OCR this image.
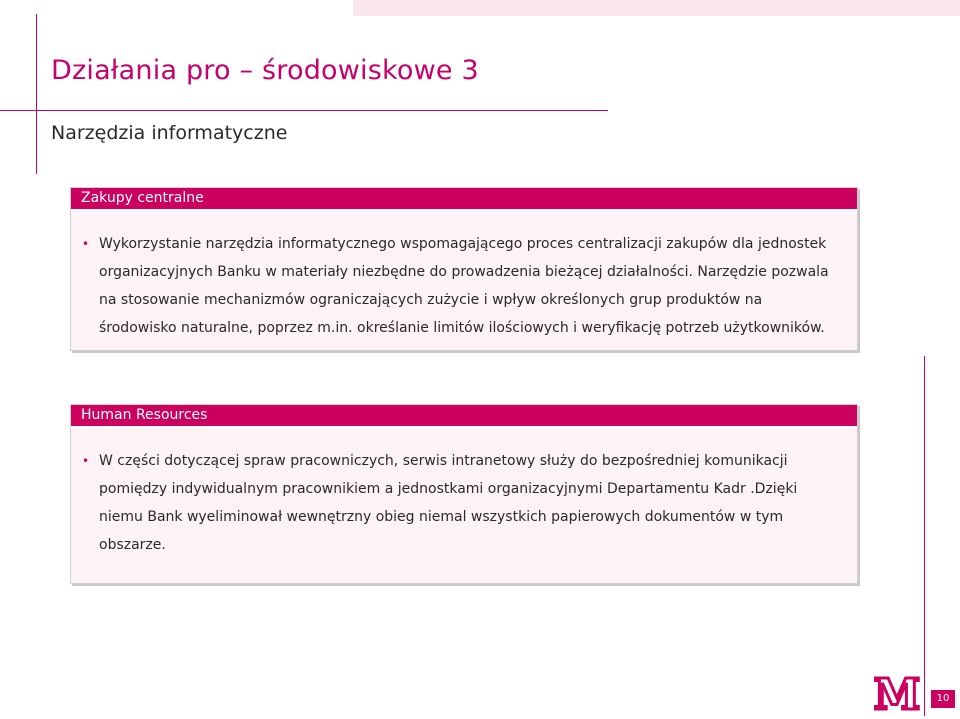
Działania pro – środowiskowe 3
Narzędzia informatyczne
Zakupy centralne
• Wykorzystanie narzędzia informatycznego wspomagającego proces centralizacji zakupów dla jednostek organizacyjnych Banku w materiały niezbędne do prowadzenia bieżącej działalności. Narzędzie pozwala na stosowanie mechanizmów ograniczających zużycie i wpływ określonych grup produktów na środowisko naturalne, poprzez m.in. określanie limitów ilościowych i weryfikację potrzeb użytkowników.
Human Resources
• W części dotyczącej spraw pracowniczych, serwis intranetowy służy do bezpośredniej komunikacji pomiędzy indywidualnym pracownikiem a jednostkami organizacyjnymi Departamentu Kadr .Dzięki niemu Bank wyeliminował wewnętrzny obieg niemal wszystkich papierowych dokumentów w tym obszarze.
M	10
